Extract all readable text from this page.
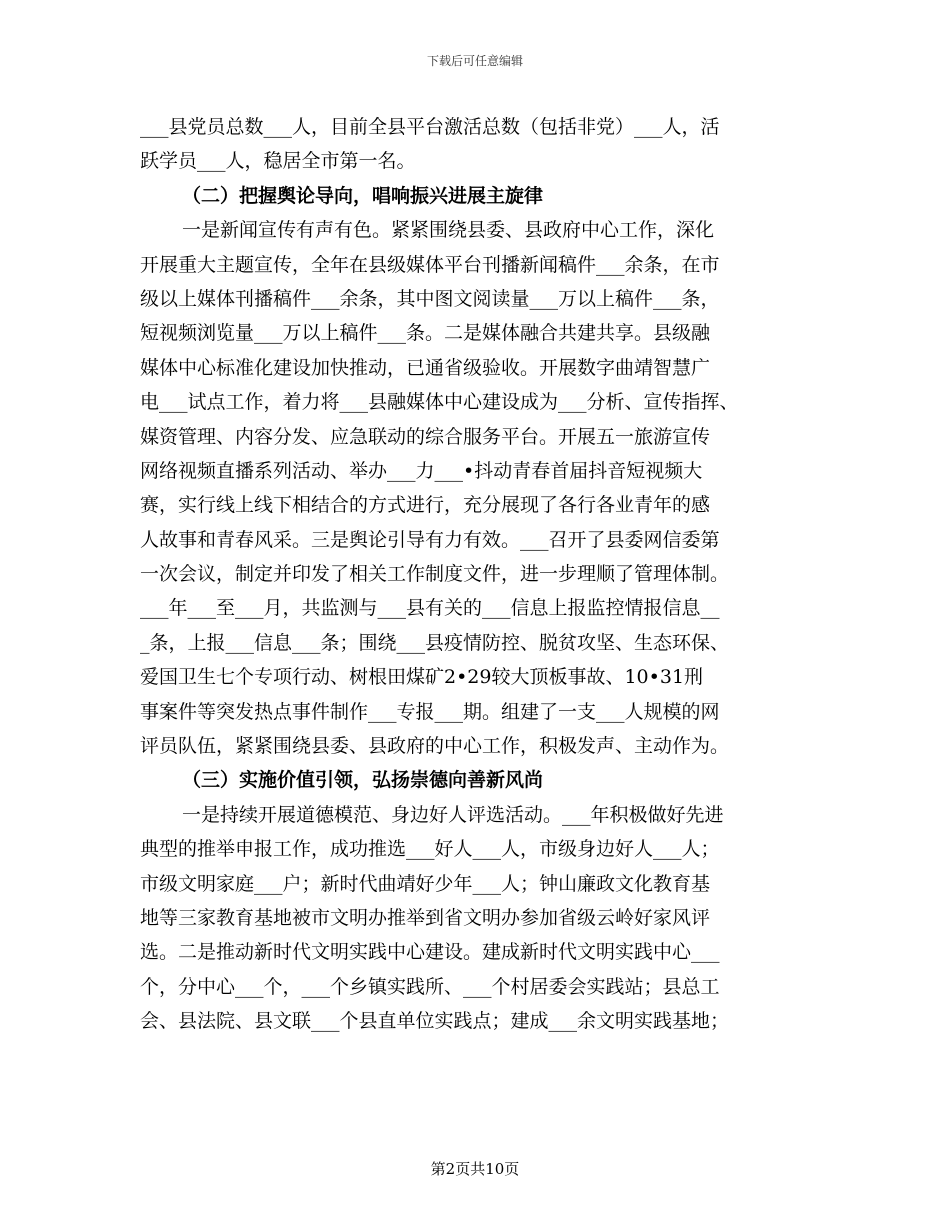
下载后可任意编辑
___县党员总数___人，目前全县平台激活总数（包括非党）___人，活
跃学员___人，稳居全市第一名。
（二）把握舆论导向，唱响振兴进展主旋律
一是新闻宣传有声有色。紧紧围绕县委、县政府中心工作，深化
开展重大主题宣传，全年在县级媒体平台刊播新闻稿件___余条，在市
级以上媒体刊播稿件___余条，其中图文阅读量___万以上稿件___条，
短视频浏览量___万以上稿件___条。二是媒体融合共建共享。县级融
媒体中心标准化建设加快推动，已通省级验收。开展数字曲靖智慧广
电___试点工作，着力将___县融媒体中心建设成为___分析、宣传指挥、
媒资管理、内容分发、应急联动的综合服务平台。开展五一旅游宣传
网络视频直播系列活动、举办___力___•抖动青春首届抖音短视频大
赛，实行线上线下相结合的方式进行，充分展现了各行各业青年的感
人故事和青春风采。三是舆论引导有力有效。___召开了县委网信委第
一次会议，制定并印发了相关工作制度文件，进一步理顺了管理体制。
___年___至___月，共监测与___县有关的___信息上报监控情报信息__
_条，上报___信息___条；围绕___县疫情防控、脱贫攻坚、生态环保、
爱国卫生七个专项行动、树根田煤矿2•29较大顶板事故、10•31刑
事案件等突发热点事件制作___专报___期。组建了一支___人规模的网
评员队伍，紧紧围绕县委、县政府的中心工作，积极发声、主动作为。
（三）实施价值引领，弘扬崇德向善新风尚
一是持续开展道德模范、身边好人评选活动。___年积极做好先进
典型的推举申报工作，成功推选___好人___人，市级身边好人___人；
市级文明家庭___户；新时代曲靖好少年___人；钟山廉政文化教育基
地等三家教育基地被市文明办推举到省文明办参加省级云岭好家风评
选。二是推动新时代文明实践中心建设。建成新时代文明实践中心___
个，分中心___个，___个乡镇实践所、___个村居委会实践站；县总工
会、县法院、县文联___个县直单位实践点；建成___余文明实践基地；
第2页共10页
